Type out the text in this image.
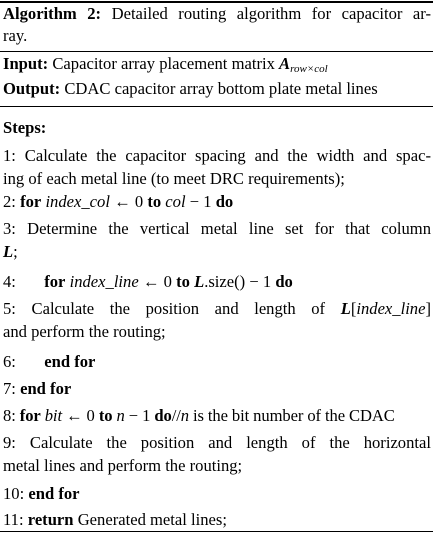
Algorithm 2: Detailed routing algorithm for capacitor ar-
ray.
Input: Capacitor array placement matrix $A_{row\times col}$
Output: CDAC capacitor array bottom plate metal lines
Steps:
1: Calculate the capacitor spacing and the width and spac-
ing of each metal line (to meet DRC requirements);
2: for index_col ← 0 to col − 1 do
3: Determine the vertical metal line set for that column
L;
4: for index_line ← 0 to L.size() − 1 do
5: Calculate the position and length of L[index_line]
and perform the routing;
6: end for
7: end for
8: for bit ← 0 to n − 1 do//n is the bit number of the CDAC
9: Calculate the position and length of the horizontal
metal lines and perform the routing;
10: end for
11: return Generated metal lines;
